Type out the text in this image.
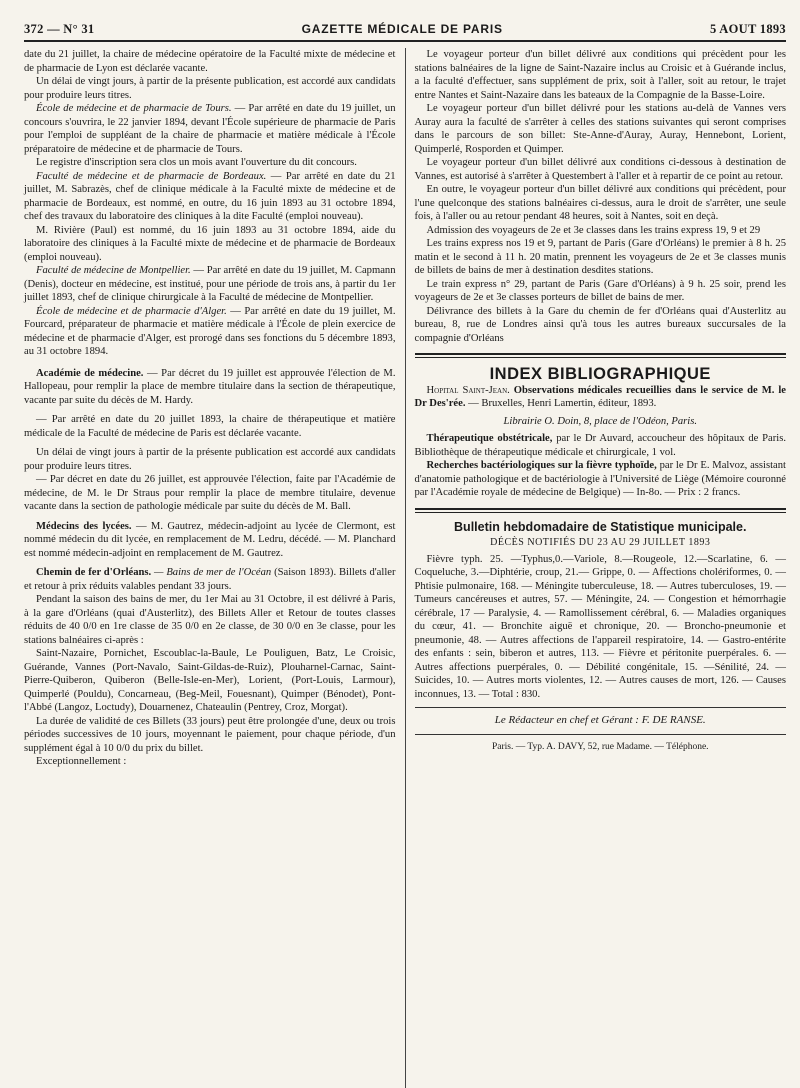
372 — N° 31	GAZETTE MÉDICALE DE PARIS	5 AOUT 1893

date du 21 juillet, la chaire de médecine opératoire de la Faculté mixte de médecine et de pharmacie de Lyon est déclarée vacante.

Un délai de vingt jours, à partir de la présente publication, est accordé aux candidats pour produire leurs titres.

École de médecine et de pharmacie de Tours. — Par arrêté en date du 19 juillet, un concours s'ouvrira, le 22 janvier 1894, devant l'École supérieure de pharmacie de Paris pour l'emploi de suppléant de la chaire de pharmacie et matière médicale à l'École préparatoire de médecine et de pharmacie de Tours.

Le registre d'inscription sera clos un mois avant l'ouverture du dit concours.

Faculté de médecine et de pharmacie de Bordeaux. — Par arrêté en date du 21 juillet, M. Sabrazès, chef de clinique médicale à la Faculté mixte de médecine et de pharmacie de Bordeaux, est nommé, en outre, du 16 juin 1893 au 31 octobre 1894, chef des travaux du laboratoire des cliniques à la dite Faculté (emploi nouveau).

M. Rivière (Paul) est nommé, du 16 juin 1893 au 31 octobre 1894, aide du laboratoire des cliniques à la Faculté mixte de médecine et de pharmacie de Bordeaux (emploi nouveau).

Faculté de médecine de Montpellier. — Par arrêté en date du 19 juillet, M. Capmann (Denis), docteur en médecine, est institué, pour une période de trois ans, à partir du 1er juillet 1893, chef de clinique chirurgicale à la Faculté de médecine de Montpellier.

École de médecine et de pharmacie d'Alger. — Par arrêté en date du 19 juillet, M. Fourcard, préparateur de pharmacie et matière médicale à l'École de plein exercice de médecine et de pharmacie d'Alger, est prorogé dans ses fonctions du 5 décembre 1893, au 31 octobre 1894.

Académie de médecine. — Par décret du 19 juillet est approuvée l'élection de M. Hallopeau, pour remplir la place de membre titulaire dans la section de thérapeutique, vacante par suite du décès de M. Hardy.

— Par arrêté en date du 20 juillet 1893, la chaire de thérapeutique et matière médicale de la Faculté de médecine de Paris est déclarée vacante.

Un délai de vingt jours à partir de la présente publication est accordé aux candidats pour produire leurs titres.

— Par décret en date du 26 juillet, est approuvée l'élection, faite par l'Académie de médecine, de M. le Dr Straus pour remplir la place de membre titulaire, devenue vacante dans la section de pathologie médicale par suite du décès de M. Ball.

Médecins des lycées. — M. Gautrez, médecin-adjoint au lycée de Clermont, est nommé médecin du dit lycée, en remplacement de M. Ledru, décédé. — M. Planchard est nommé médecin-adjoint en remplacement de M. Gautrez.

Chemin de fer d'Orléans. — Bains de mer de l'Océan (Saison 1893). Billets d'aller et retour à prix réduits valables pendant 33 jours.

Pendant la saison des bains de mer, du 1er Mai au 31 Octobre, il est délivré à Paris, à la gare d'Orléans (quai d'Austerlitz), des Billets Aller et Retour de toutes classes réduits de 40 0/0 en 1re classe de 35 0/0 en 2e classe, de 30 0/0 en 3e classe, pour les stations balnéaires ci-après :

Saint-Nazaire, Pornichet, Escoublac-la-Baule, Le Pouliguen, Batz, Le Croisic, Guérande, Vannes (Port-Navalo, Saint-Gildas-de-Ruiz), Plouharnel-Carnac, Saint-Pierre-Quiberon, Quiberon (Belle-Isle-en-Mer), Lorient, (Port-Louis, Larmour), Quimperlé (Pouldu), Concarneau, (Beg-Meil, Fouesnant), Quimper (Bénodet), Pont-l'Abbé (Langoz, Loctudy), Douarnenez, Chateaulin (Pentrey, Croz, Morgat).

La durée de validité de ces Billets (33 jours) peut être prolongée d'une, deux ou trois périodes successives de 10 jours, moyennant le paiement, pour chaque période, d'un supplément égal à 10 0/0 du prix du billet.

Exceptionnellement :

Le voyageur porteur d'un billet délivré aux conditions qui précèdent pour les stations balnéaires de la ligne de Saint-Nazaire inclus au Croisic et à Guérande inclus, a la faculté d'effectuer, sans supplément de prix, soit à l'aller, soit au retour, le trajet entre Nantes et Saint-Nazaire dans les bateaux de la Compagnie de la Basse-Loire.

Le voyageur porteur d'un billet délivré pour les stations au-delà de Vannes vers Auray aura la faculté de s'arrêter à celles des stations suivantes qui seront comprises dans le parcours de son billet: Ste-Anne-d'Auray, Auray, Hennebont, Lorient, Quimperlé, Rosporden et Quimper.

Le voyageur porteur d'un billet délivré aux conditions ci-dessous à destination de Vannes, est autorisé à s'arrêter à Questembert à l'aller et à repartir de ce point au retour.

En outre, le voyageur porteur d'un billet délivré aux conditions qui précèdent, pour l'une quelconque des stations balnéaires ci-dessus, aura le droit de s'arrêter, une seule fois, à l'aller ou au retour pendant 48 heures, soit à Nantes, soit en deçà.

Admission des voyageurs de 2e et 3e classes dans les trains express 19, 9 et 29

Les trains express nos 19 et 9, partant de Paris (Gare d'Orléans) le premier à 8 h. 25 matin et le second à 11 h. 20 matin, prennent les voyageurs de 2e et 3e classes munis de billets de bains de mer à destination desdites stations.

Le train express n° 29, partant de Paris (Gare d'Orléans) à 9 h. 25 soir, prend les voyageurs de 2e et 3e classes porteurs de billet de bains de mer.

Délivrance des billets à la Gare du chemin de fer d'Orléans quai d'Austerlitz au bureau, 8, rue de Londres ainsi qu'à tous les autres bureaux succursales de la compagnie d'Orléans

INDEX BIBLIOGRAPHIQUE

Hopital Saint-Jean. Observations médicales recueillies dans le service de M. le Dr Des'rée. — Bruxelles, Henri Lamertin, éditeur, 1893.

Librairie O. Doin, 8, place de l'Odéon, Paris.

Thérapeutique obstétricale, par le Dr Auvard, accoucheur des hôpitaux de Paris. Bibliothèque de thérapeutique médicale et chirurgicale, 1 vol.

Recherches bactériologiques sur la fièvre typhoïde, par le Dr E. Malvoz, assistant d'anatomie pathologique et de bactériologie à l'Université de Liège (Mémoire couronné par l'Académie royale de médecine de Belgique) — In-8o. — Prix : 2 francs.

Bulletin hebdomadaire de Statistique municipale.
DÉCÈS NOTIFIÉS DU 23 AU 29 JUILLET 1893

Fièvre typh. 25. —Typhus,0.—Variole, 8.—Rougeole, 12.—Scarlatine, 6. — Coqueluche, 3.—Diphtérie, croup, 21.— Grippe, 0. — Affections cholériformes, 0. — Phtisie pulmonaire, 168. — Méningite tuberculeuse, 18. — Autres tuberculoses, 19. — Tumeurs cancéreuses et autres, 57. — Méningite, 24. — Congestion et hémorrhagie cérébrale, 17 — Paralysie, 4. — Ramollissement cérébral, 6. — Maladies organiques du cœur, 41. — Bronchite aiguë et chronique, 20. — Broncho-pneumonie et pneumonie, 48. — Autres affections de l'appareil respiratoire, 14. — Gastro-entérite des enfants : sein, biberon et autres, 113. — Fièvre et péritonite puerpérales. 6. — Autres affections puerpérales, 0. — Débilité congénitale, 15. —Sénilité, 24. — Suicides, 10. — Autres morts violentes, 12. — Autres causes de mort, 126. — Causes inconnues, 13. — Total : 830.

Le Rédacteur en chef et Gérant : F. DE RANSE.
Paris. — Typ. A. DAVY, 52, rue Madame. — Téléphone.
